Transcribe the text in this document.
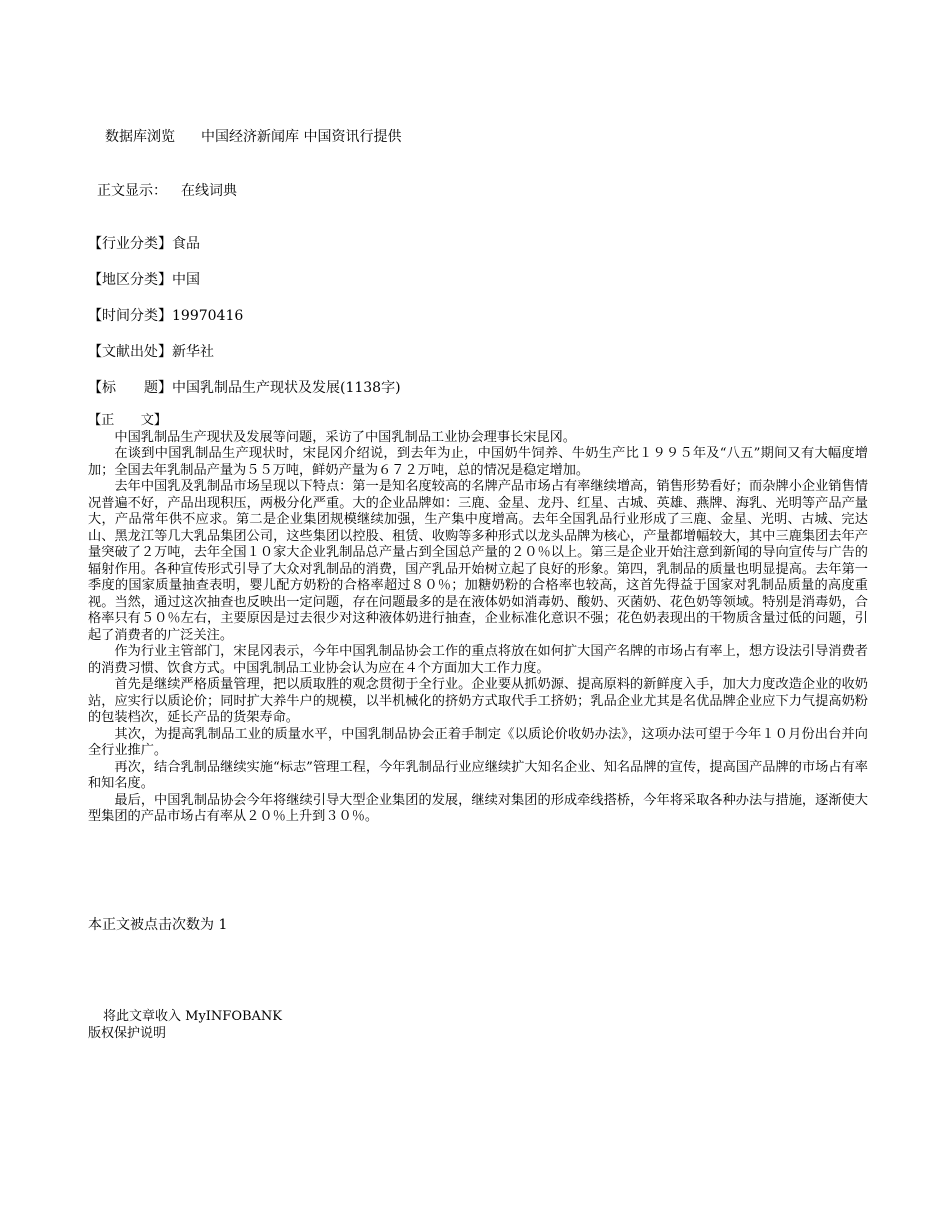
数据库浏览 中国经济新闻库 中国资讯行提供
正文显示： 在线词典
【行业分类】食品
【地区分类】中国
【时间分类】19970416
【文献出处】新华社
【标　　题】中国乳制品生产现状及发展(1138字)
【正　　文】

中国乳制品生产现状及发展等问题，采访了中国乳制品工业协会理事长宋昆冈。

在谈到中国乳制品生产现状时，宋昆冈介绍说，到去年为止，中国奶牛饲养、牛奶生产比１９９５年及“八五”期间又有大幅度增加；全国去年乳制品产量为５５万吨，鲜奶产量为６７２万吨，总的情况是稳定增加。

去年中国乳及乳制品市场呈现以下特点：第一是知名度较高的名牌产品市场占有率继续增高，销售形势看好；而杂牌小企业销售情况普遍不好，产品出现积压，两极分化严重。大的企业品牌如：三鹿、金星、龙丹、红星、古城、英雄、燕牌、海乳、光明等产品产量大，产品常年供不应求。第二是企业集团规模继续加强，生产集中度增高。去年全国乳品行业形成了三鹿、金星、光明、古城、完达山、黑龙江等几大乳品集团公司，这些集团以控股、租赁、收购等多种形式以龙头品牌为核心，产量都增幅较大，其中三鹿集团去年产量突破了２万吨，去年全国１０家大企业乳制品总产量占到全国总产量的２０％以上。第三是企业开始注意到新闻的导向宣传与广告的辐射作用。各种宣传形式引导了大众对乳制品的消费，国产乳品开始树立起了良好的形象。第四，乳制品的质量也明显提高。去年第一季度的国家质量抽查表明，婴儿配方奶粉的合格率超过８０％；加糖奶粉的合格率也较高，这首先得益于国家对乳制品质量的高度重视。当然，通过这次抽查也反映出一定问题，存在问题最多的是在液体奶如消毒奶、酸奶、灭菌奶、花色奶等领域。特别是消毒奶，合格率只有５０％左右，主要原因是过去很少对这种液体奶进行抽查，企业标准化意识不强；花色奶表现出的干物质含量过低的问题，引起了消费者的广泛关注。

作为行业主管部门，宋昆冈表示，今年中国乳制品协会工作的重点将放在如何扩大国产名牌的市场占有率上，想方设法引导消费者的消费习惯、饮食方式。中国乳制品工业协会认为应在４个方面加大工作力度。

首先是继续严格质量管理，把以质取胜的观念贯彻于全行业。企业要从抓奶源、提高原料的新鲜度入手，加大力度改造企业的收奶站，应实行以质论价；同时扩大养牛户的规模，以半机械化的挤奶方式取代手工挤奶；乳品企业尤其是名优品牌企业应下力气提高奶粉的包装档次，延长产品的货架寿命。

其次，为提高乳制品工业的质量水平，中国乳制品协会正着手制定《以质论价收奶办法》，这项办法可望于今年１０月份出台并向全行业推广。

再次，结合乳制品继续实施“标志”管理工程，今年乳制品行业应继续扩大知名企业、知名品牌的宣传，提高国产品牌的市场占有率和知名度。

最后，中国乳制品协会今年将继续引导大型企业集团的发展，继续对集团的形成牵线搭桥，今年将采取各种办法与措施，逐渐使大型集团的产品市场占有率从２０％上升到３０％。

本正文被点击次数为 1
将此文章收入 MyINFOBANK
版权保护说明
